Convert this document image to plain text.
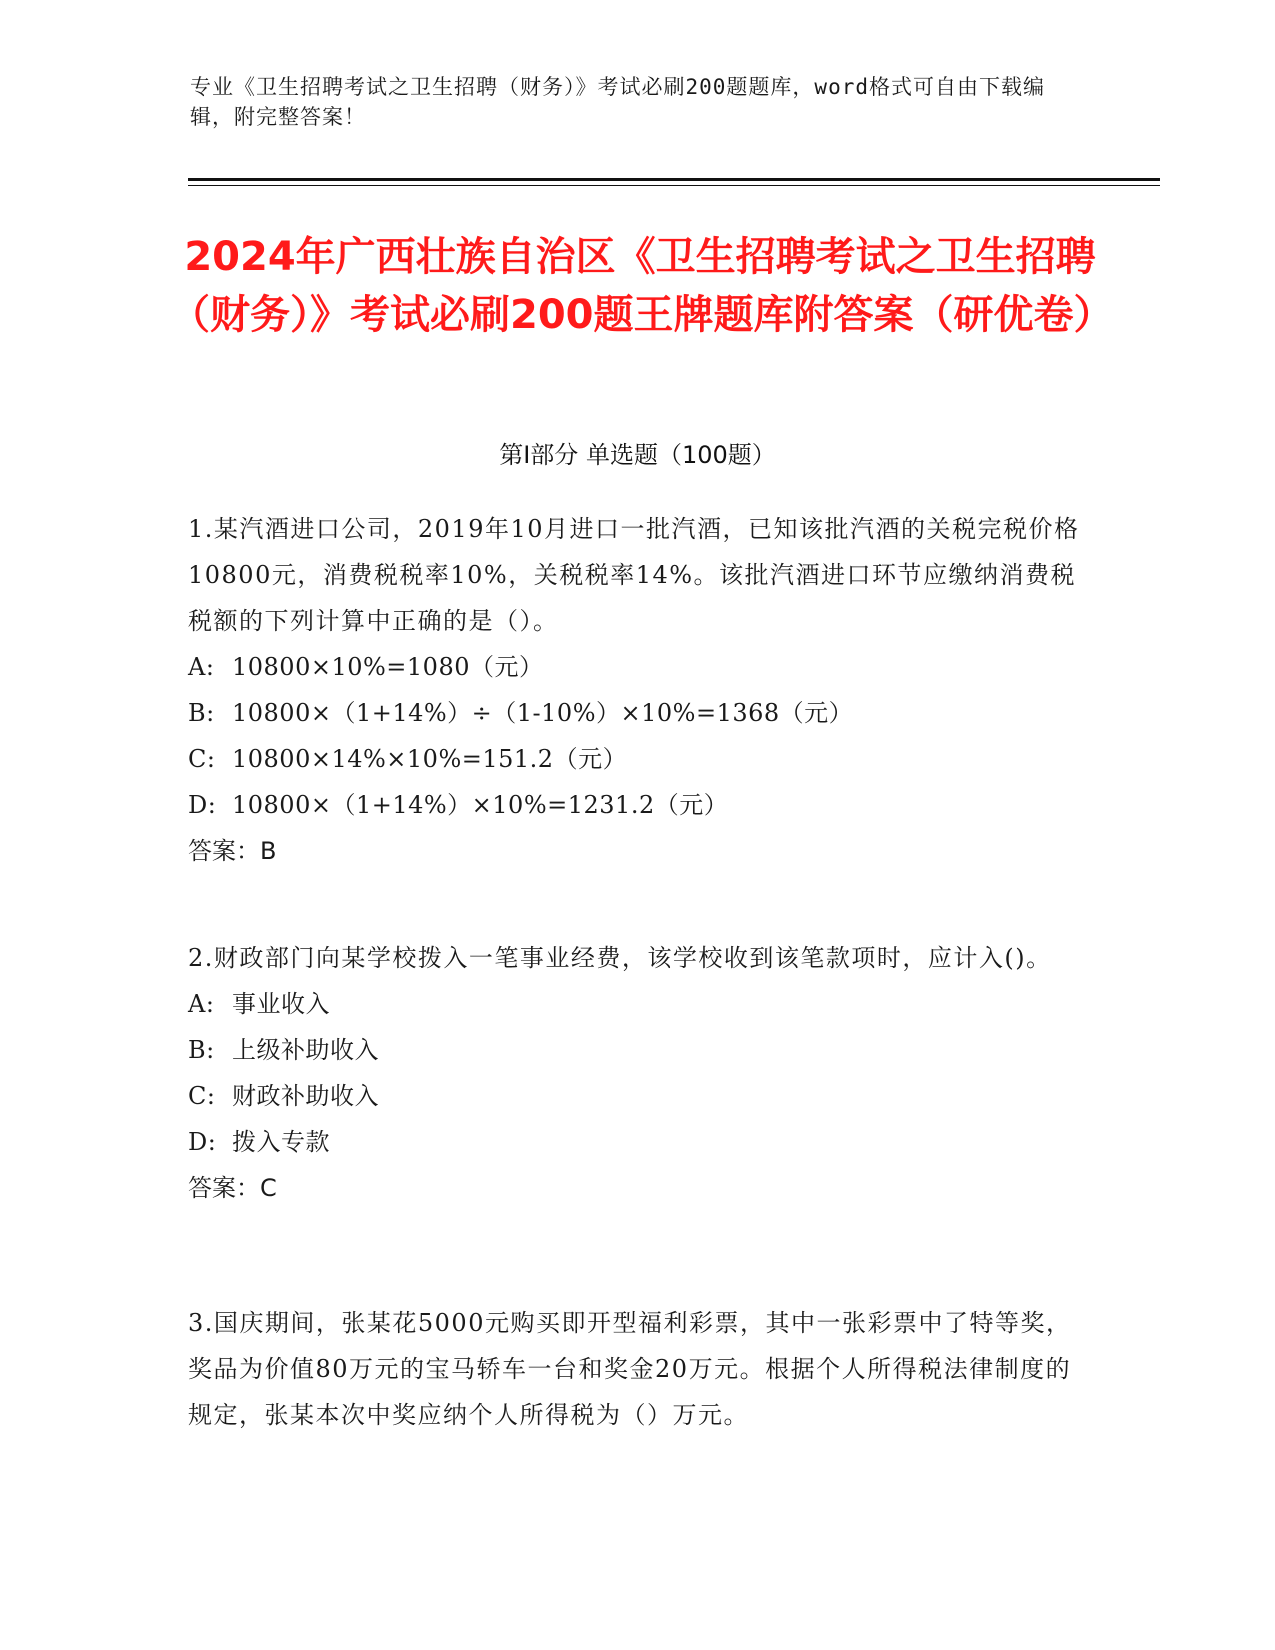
专业《卫生招聘考试之卫生招聘（财务）》考试必刷200题题库，word格式可自由下载编辑，附完整答案！
2024年广西壮族自治区《卫生招聘考试之卫生招聘（财务）》考试必刷200题王牌题库附答案（研优卷）
第Ⅰ部分 单选题（100题）

1.某汽酒进口公司，2019年10月进口一批汽酒，已知该批汽酒的关税完税价格10800元，消费税税率10%，关税税率14%。该批汽酒进口环节应缴纳消费税税额的下列计算中正确的是（）。

A: 10800×10%=1080（元）

B: 10800×（1+14%）÷（1-10%）×10%=1368（元）

C: 10800×14%×10%=151.2（元）

D: 10800×（1+14%）×10%=1231.2（元）

答案：B

2.财政部门向某学校拨入一笔事业经费，该学校收到该笔款项时，应计入()。

A: 事业收入

B: 上级补助收入

C: 财政补助收入

D: 拨入专款

答案：C

3.国庆期间，张某花5000元购买即开型福利彩票，其中一张彩票中了特等奖，奖品为价值80万元的宝马轿车一台和奖金20万元。根据个人所得税法律制度的规定，张某本次中奖应纳个人所得税为（）万元。
